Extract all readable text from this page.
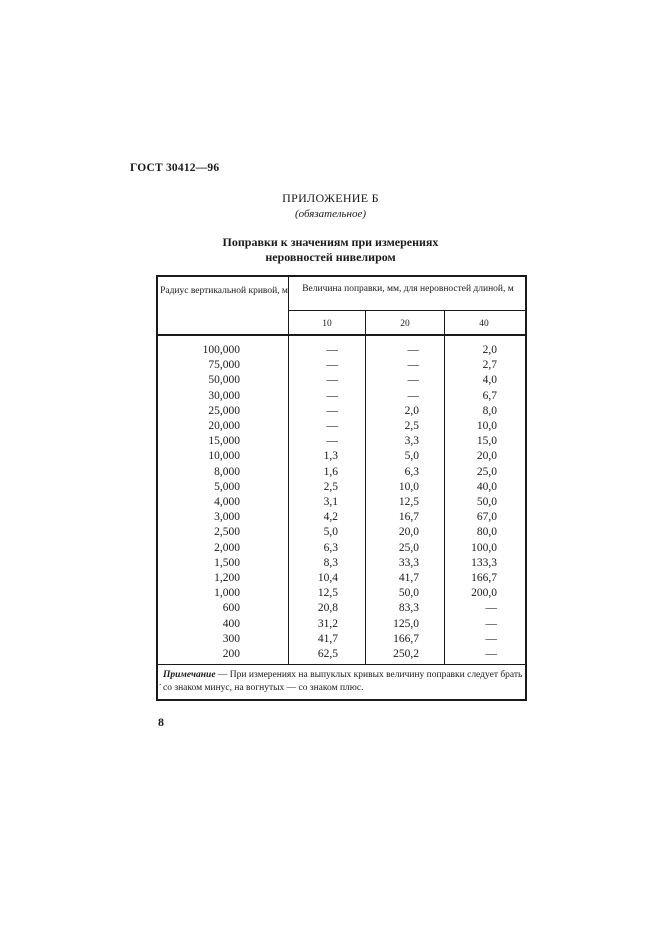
ГОСТ 30412—96
ПРИЛОЖЕНИЕ Б
(обязательное)
Поправки к значениям при измерениях
неровностей нивелиром
Радиус вертикальной кривой, м	Величина поправки, мм, для неровностей длиной, м
10	20	40
100,000	—	—	2,0
75,000	—	—	2,7
50,000	—	—	4,0
30,000	—	—	6,7
25,000	—	2,0	8,0
20,000	—	2,5	10,0
15,000	—	3,3	15,0
10,000	1,3	5,0	20,0
8,000	1,6	6,3	25,0
5,000	2,5	10,0	40,0
4,000	3,1	12,5	50,0
3,000	4,2	16,7	67,0
2,500	5,0	20,0	80,0
2,000	6,3	25,0	100,0
1,500	8,3	33,3	133,3
1,200	10,4	41,7	166,7
1,000	12,5	50,0	200,0
600	20,8	83,3	—
400	31,2	125,0	—
300	41,7	166,7	—
200	62,5	250,2	—
.
Примечание — При измерениях на выпуклых кривых величину поправки следует брать со знаком минус, на вогнутых — со знаком плюс.
8
